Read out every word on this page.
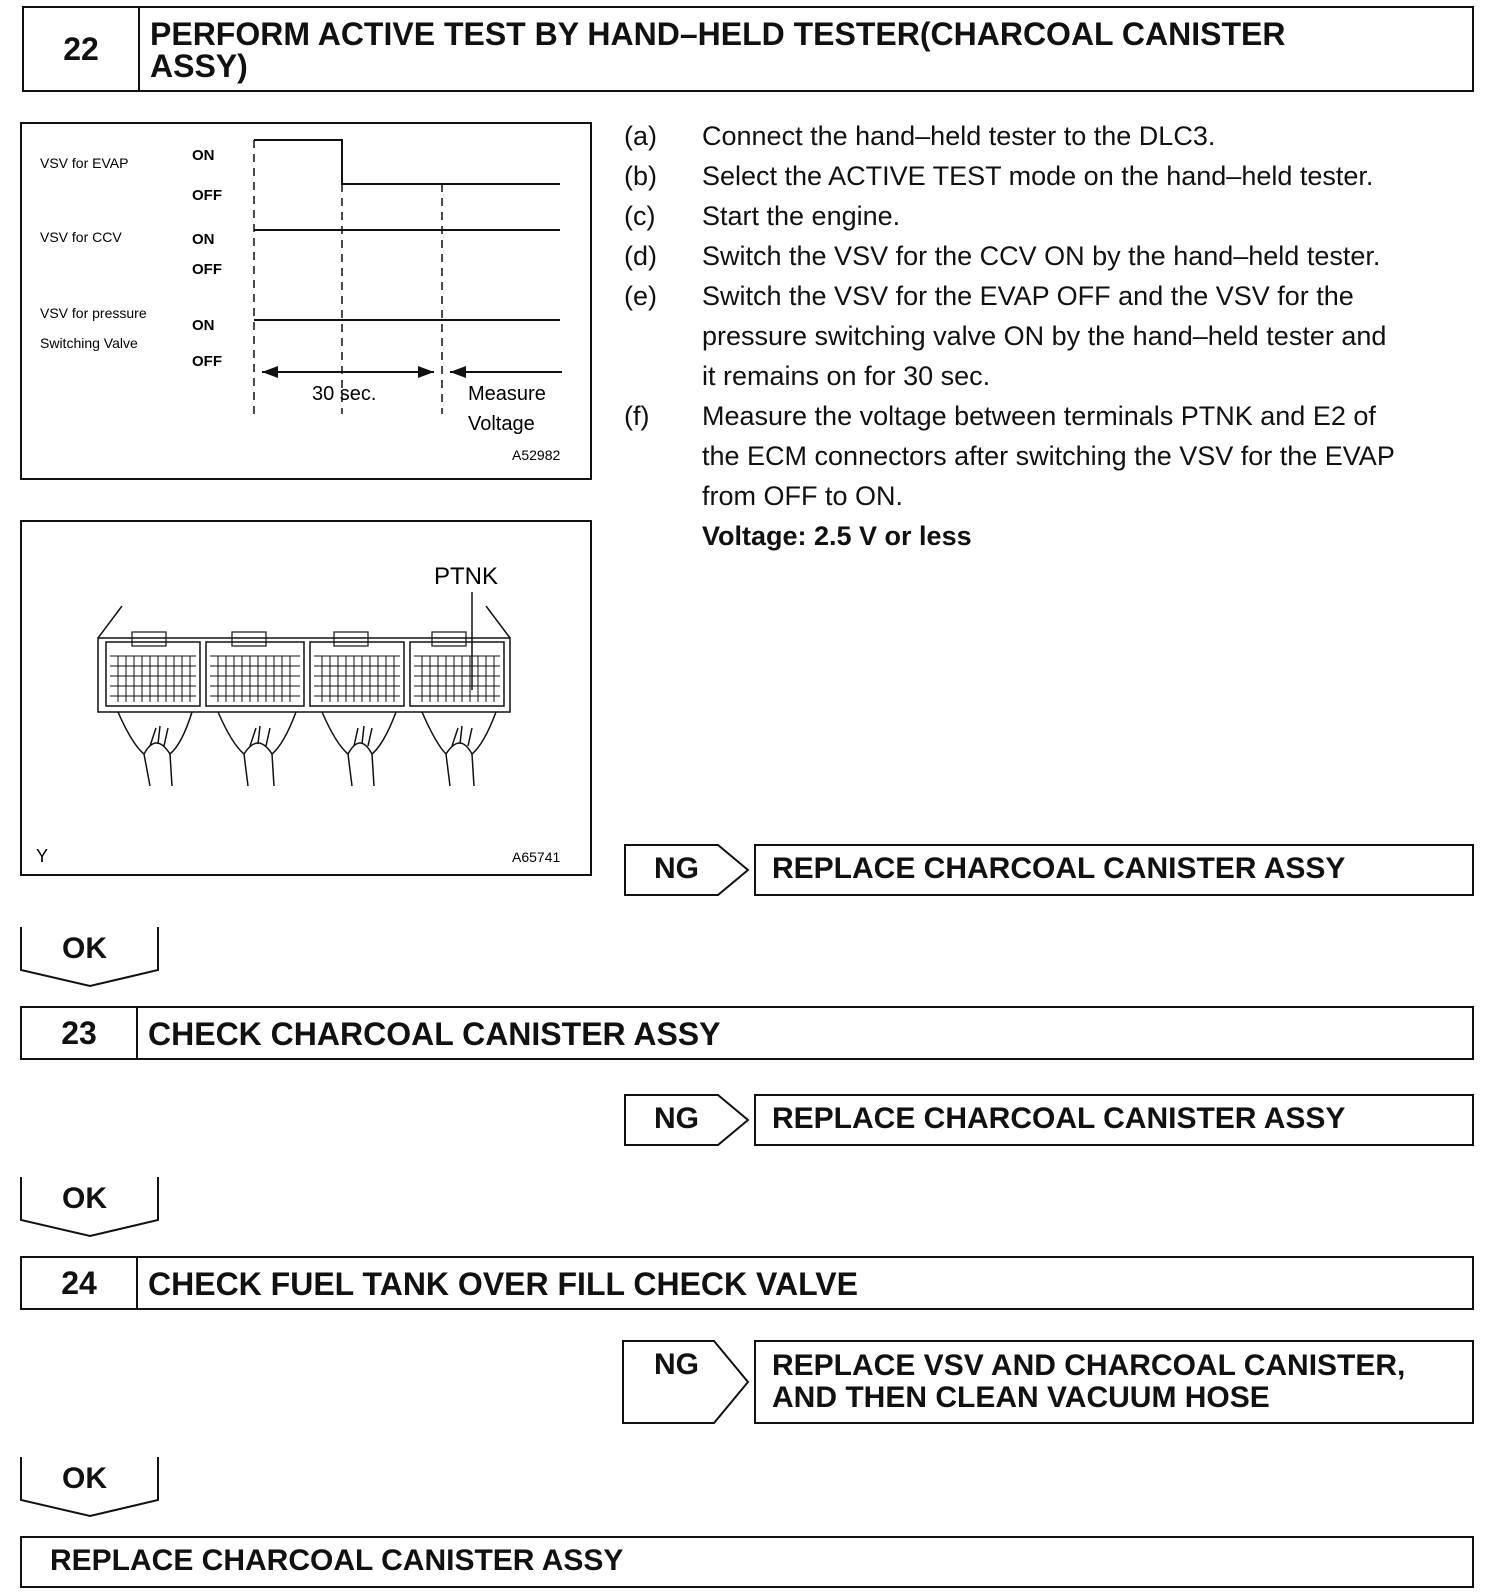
22	PERFORM ACTIVE TEST BY HAND–HELD TESTER(CHARCOAL CANISTER
ASSY)
VSV for EVAP
VSV for CCV
VSV for pressure
Switching Valve
ON
OFF
ON
OFF
ON
OFF
30 sec.	Measure
Voltage
A52982
PTNK
Y	A65741
(a) Connect the hand–held tester to the DLC3.
(b) Select the ACTIVE TEST mode on the hand–held tester.
(c) Start the engine.
(d) Switch the VSV for the CCV ON by the hand–held tester.
(e) Switch the VSV for the EVAP OFF and the VSV for the
pressure switching valve ON by the hand–held tester and
it remains on for 30 sec.
(f) Measure the voltage between terminals PTNK and E2 of
the ECM connectors after switching the VSV for the EVAP
from OFF to ON.
Voltage: 2.5 V or less
NG	REPLACE CHARCOAL CANISTER ASSY
OK
23	CHECK CHARCOAL CANISTER ASSY
NG	REPLACE CHARCOAL CANISTER ASSY
OK
24	CHECK FUEL TANK OVER FILL CHECK VALVE
NG REPLACE VSV AND CHARCOAL CANISTER,
AND THEN CLEAN VACUUM HOSE
OK
REPLACE CHARCOAL CANISTER ASSY
